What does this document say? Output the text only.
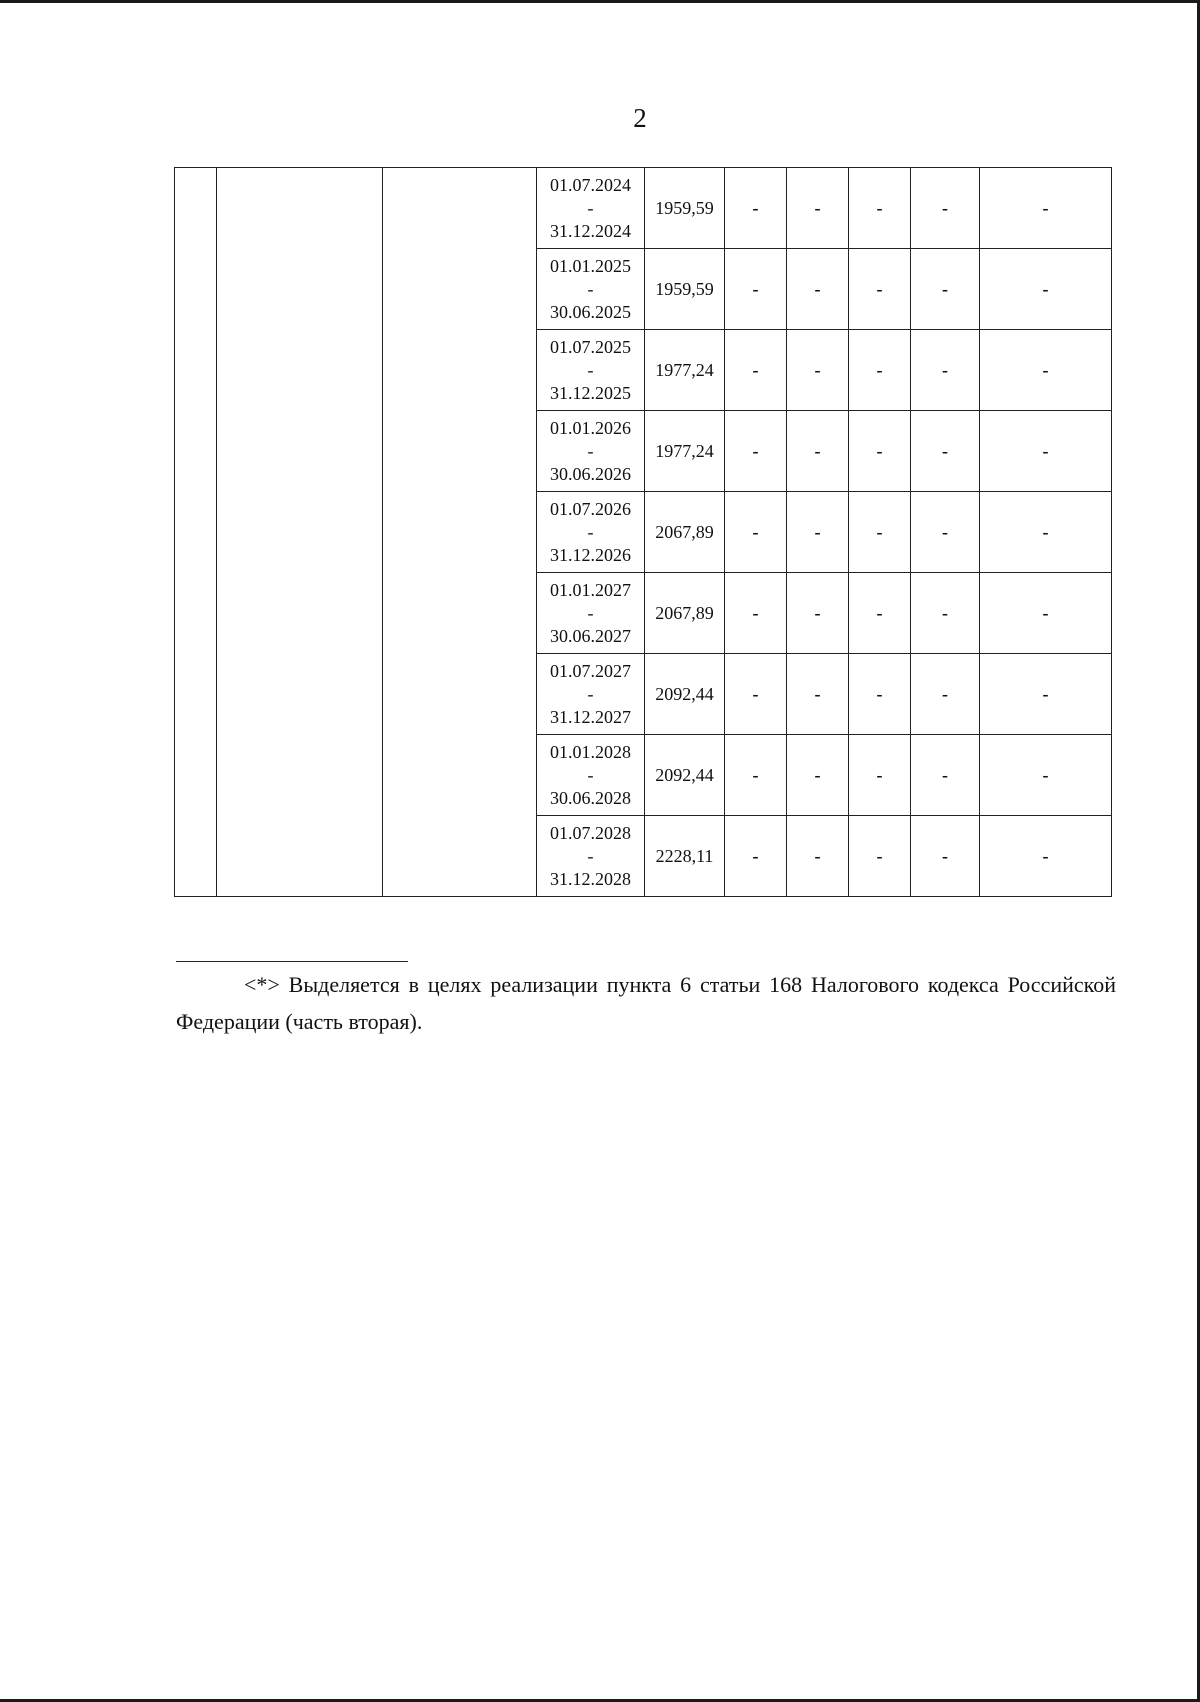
2

			01.07.2024
-
31.12.2024	1959,59	-	-	-	-	-

			01.01.2025
-
30.06.2025	1959,59	-	-	-	-	-

			01.07.2025
-
31.12.2025	1977,24	-	-	-	-	-

			01.01.2026
-
30.06.2026	1977,24	-	-	-	-	-

			01.07.2026
-
31.12.2026	2067,89	-	-	-	-	-

			01.01.2027
-
30.06.2027	2067,89	-	-	-	-	-

			01.07.2027
-
31.12.2027	2092,44	-	-	-	-	-

			01.01.2028
-
30.06.2028	2092,44	-	-	-	-	-

			01.07.2028
-
31.12.2028	2228,11	-	-	-	-	-
<*> Выделяется в целях реализации пункта 6 статьи 168 Налогового кодекса Российской Федерации (часть вторая).
